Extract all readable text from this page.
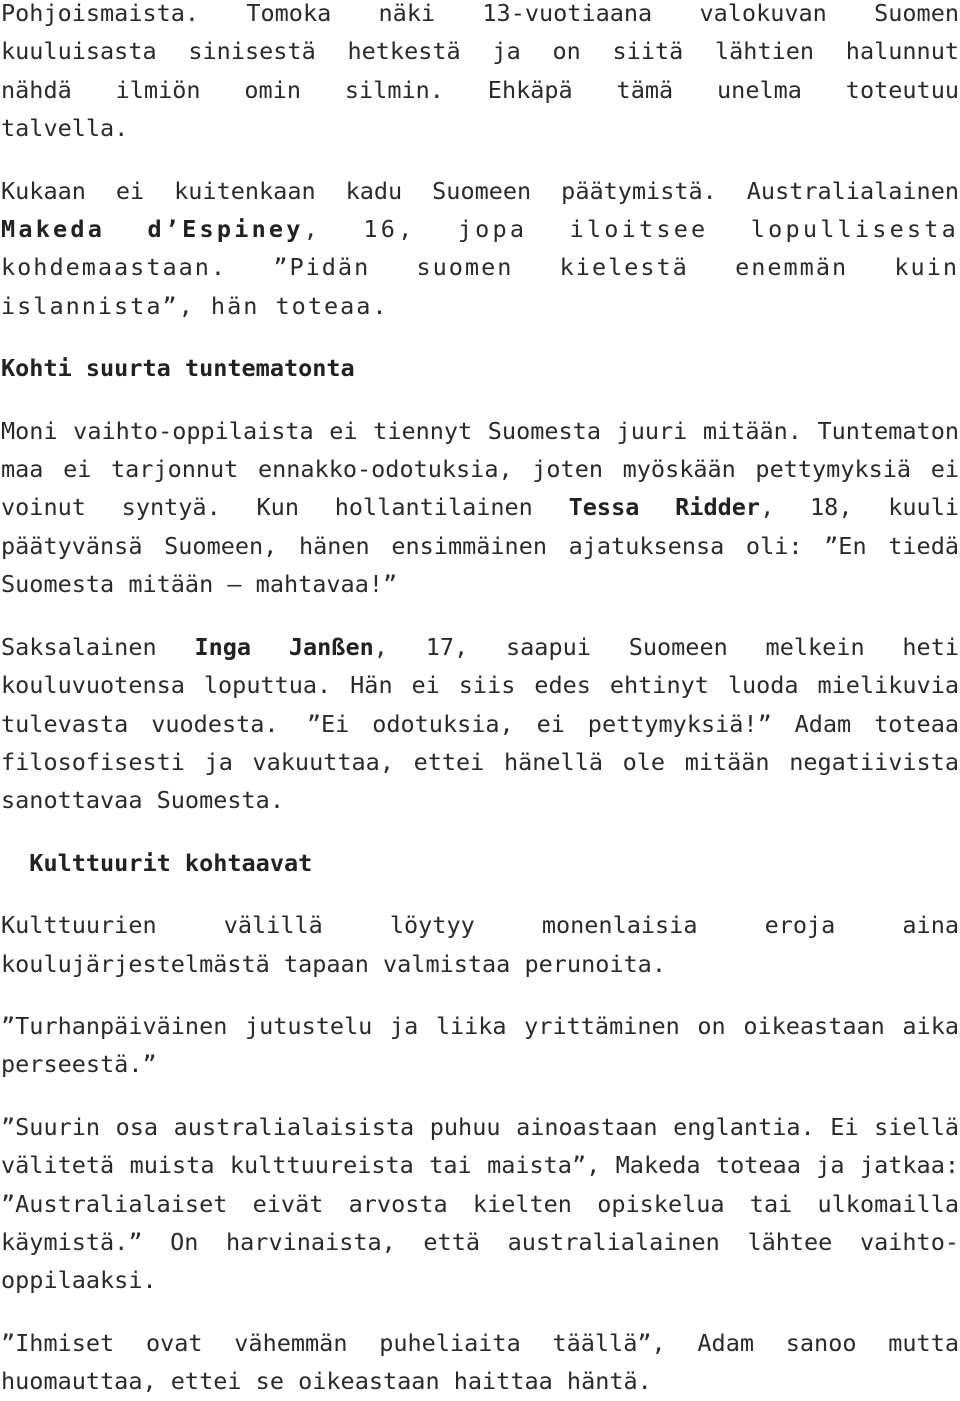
Pohjoismaista. Tomoka näki 13-vuotiaana valokuvan Suomen
kuuluisasta sinisestä hetkestä ja on siitä lähtien halunnut
nähdä ilmiön omin silmin. Ehkäpä tämä unelma toteutuu
talvella.

Kukaan ei kuitenkaan kadu Suomeen päätymistä. Australialainen
Makeda d’Espiney, 16, jopa iloitsee lopullisesta
kohdemaastaan. ”Pidän suomen kielestä enemmän kuin
islannista”, hän toteaa.

Kohti suurta tuntematonta

Moni vaihto-oppilaista ei tiennyt Suomesta juuri mitään. Tuntematon maa ei tarjonnut ennakko-odotuksia, joten myöskään pettymyksiä ei voinut syntyä. Kun hollantilainen Tessa Ridder, 18, kuuli päätyvänsä Suomeen, hänen ensimmäinen ajatuksensa oli: ”En tiedä Suomesta mitään – mahtavaa!”

Saksalainen Inga Janßen, 17, saapui Suomeen melkein heti kouluvuotensa loputtua. Hän ei siis edes ehtinyt luoda mielikuvia tulevasta vuodesta.  ”Ei odotuksia, ei pettymyksiä!” Adam toteaa filosofisesti ja vakuuttaa, ettei hänellä ole mitään negatiivista sanottavaa Suomesta.

  Kulttuurit kohtaavat

Kulttuurien välillä löytyy monenlaisia eroja aina koulujärjestelmästä tapaan valmistaa perunoita.

”Turhanpäiväinen jutustelu ja liika yrittäminen on oikeastaan aika perseestä.”

”Suurin osa australialaisista puhuu ainoastaan englantia. Ei siellä välitetä muista kulttuureista tai maista”, Makeda toteaa ja jatkaa: ”Australialaiset eivät arvosta kielten opiskelua tai ulkomailla käymistä.” On harvinaista, että australialainen lähtee vaihto-oppilaaksi.

”Ihmiset ovat vähemmän puheliaita täällä”, Adam sanoo mutta huomauttaa, ettei se oikeastaan haittaa häntä.
